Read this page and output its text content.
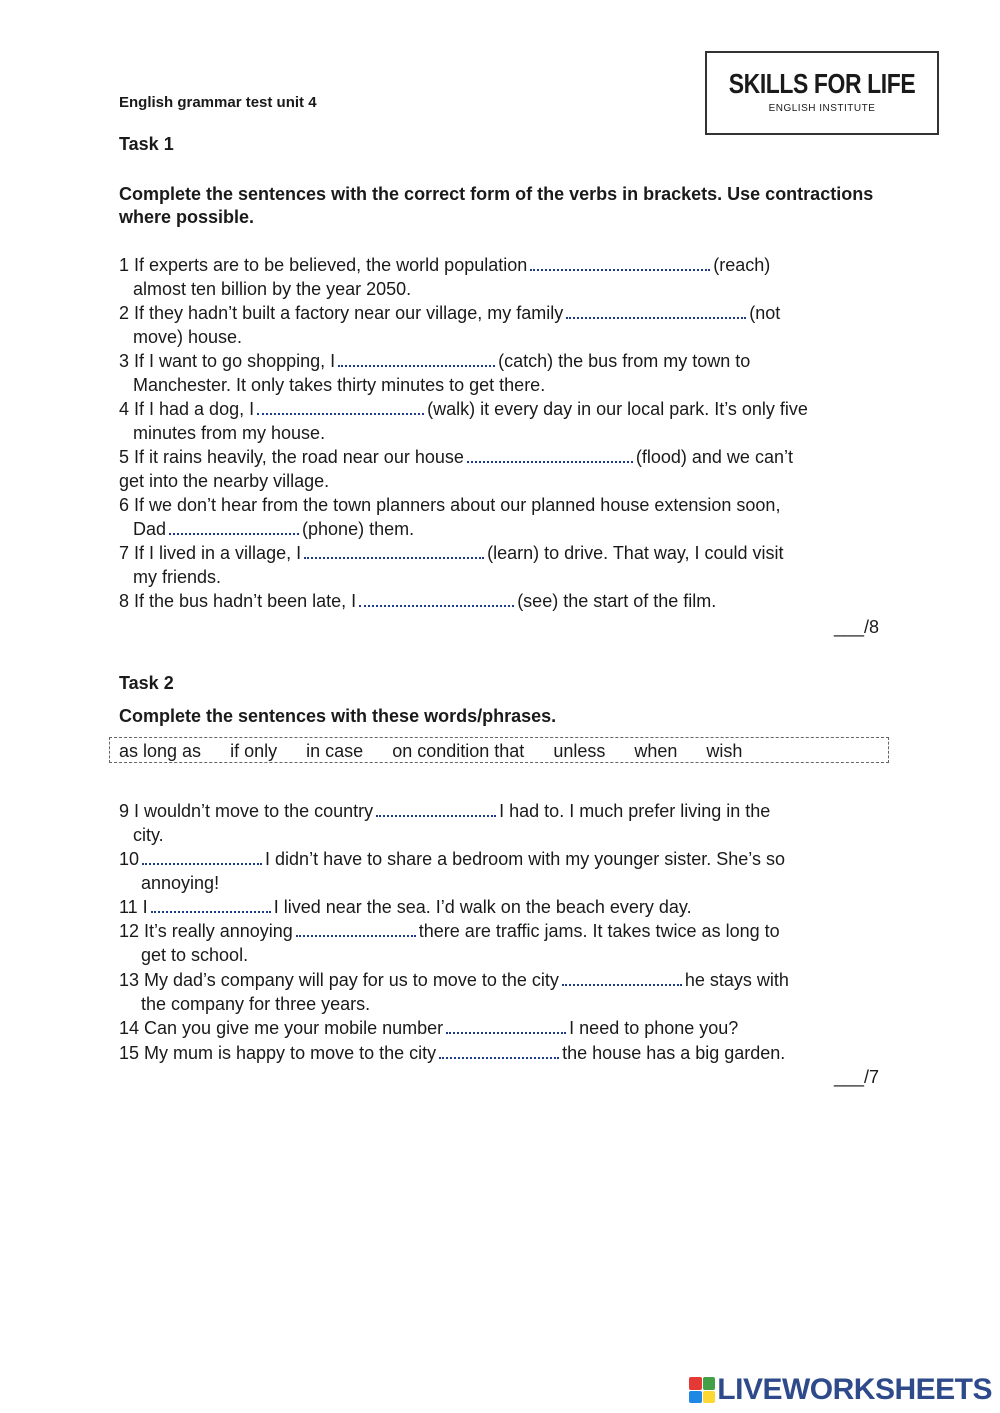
English grammar test unit 4
SKILLS FOR LIFE
ENGLISH INSTITUTE
Task 1
Complete the sentences with the correct form of the verbs in brackets. Use contractions where possible.
1 If experts are to be believed, the world population	(reach)
almost ten billion by the year 2050.
2 If they hadn’t built a factory near our village, my family	(not
move) house.
3 If I want to go shopping, I	(catch) the bus from my town to
Manchester. It only takes thirty minutes to get there.
4 If I had a dog, I	(walk) it every day in our local park. It’s only five
minutes from my house.
5 If it rains heavily, the road near our house	(flood) and we can’t
get into the nearby village.
6 If we don’t hear from the town planners about our planned house extension soon,
Dad	(phone) them.
7 If I lived in a village, I	(learn) to drive. That way, I could visit
my friends.
8 If the bus hadn’t been late, I	(see) the start of the film.
___/8
Task 2
Complete the sentences with these words/phrases.
as long as if only in case on condition that unless when wish
9 I wouldn’t move to the country	I had to. I much prefer living in the
city.
10	I didn’t have to share a bedroom with my younger sister. She’s so
annoying!
11 I	I lived near the sea. I’d walk on the beach every day.
12 It’s really annoying	there are traffic jams. It takes twice as long to
get to school.
13 My dad’s company will pay for us to move to the city	he stays with
the company for three years.
14 Can you give me your mobile number	I need to phone you?
15 My mum is happy to move to the city	the house has a big garden.
___/7
LIVEWORKSHEETS
